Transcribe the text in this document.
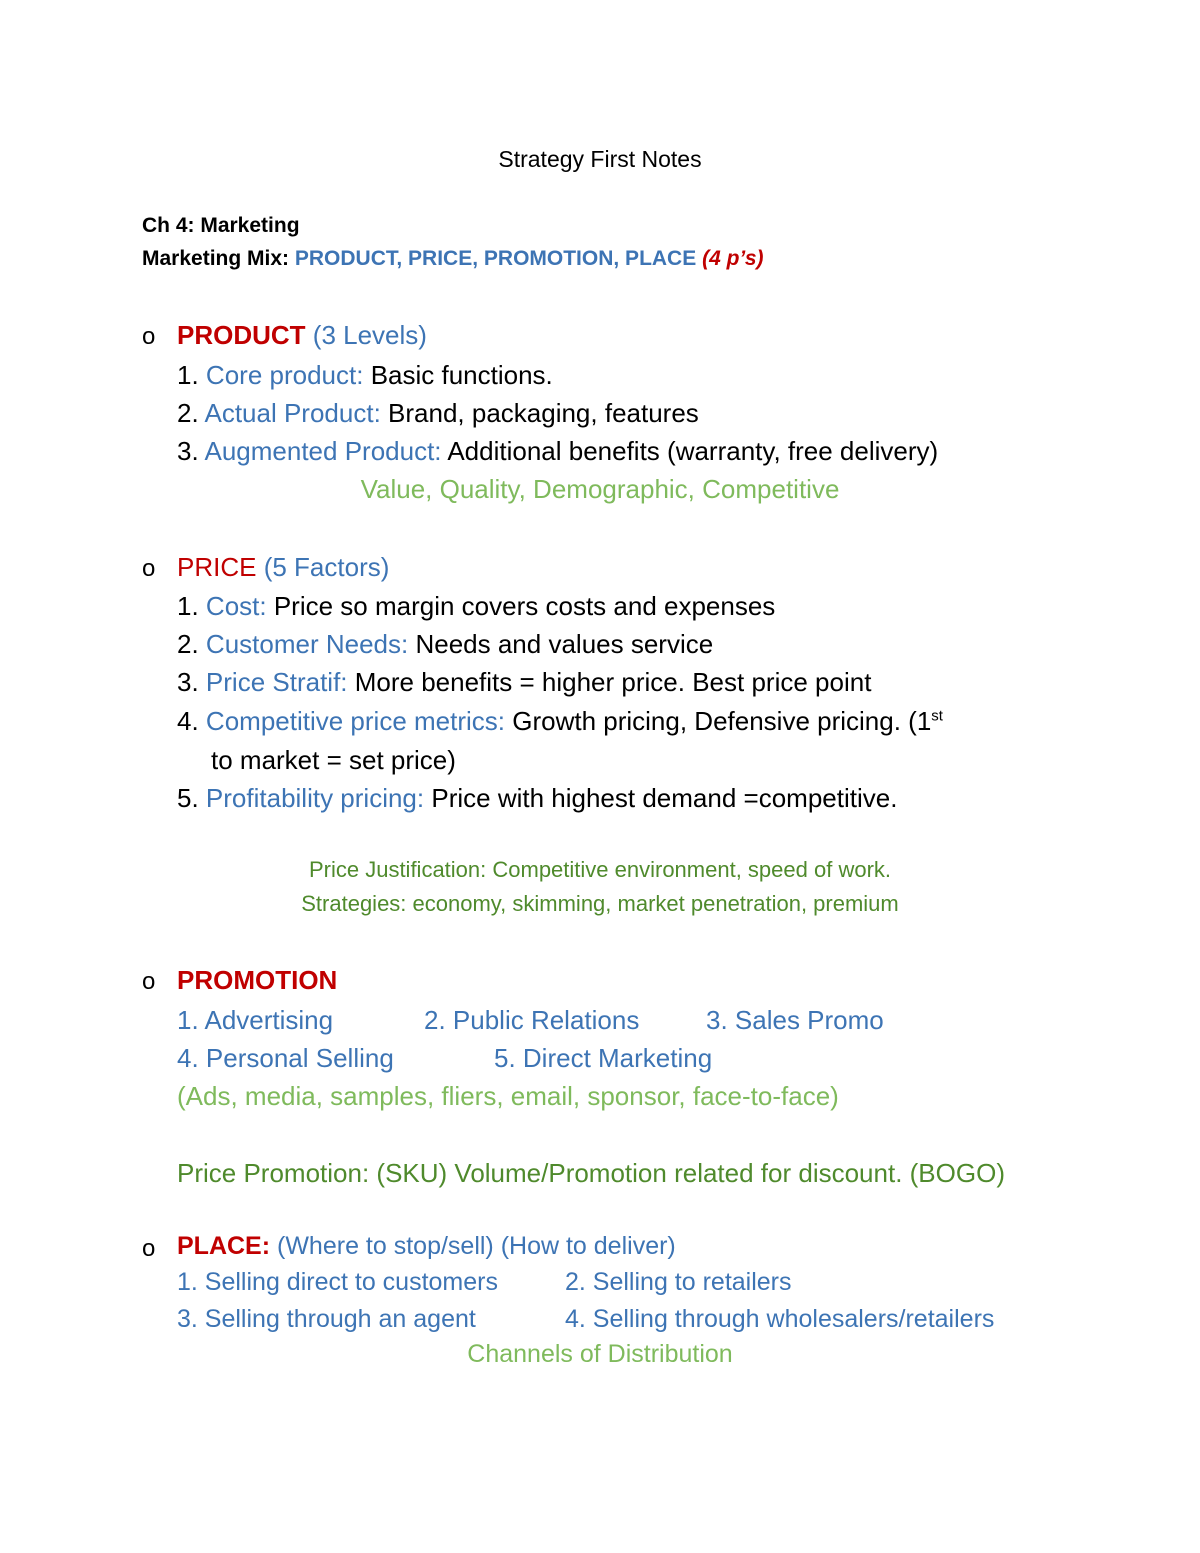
Strategy First Notes
Ch 4: Marketing
Marketing Mix: PRODUCT, PRICE, PROMOTION, PLACE (4 p’s)
o PRODUCT (3 Levels)
1. Core product: Basic functions.
2. Actual Product: Brand, packaging, features
3. Augmented Product: Additional benefits (warranty, free delivery)
Value, Quality, Demographic, Competitive
o PRICE (5 Factors)
1. Cost: Price so margin covers costs and expenses
2. Customer Needs: Needs and values service
3. Price Stratif: More benefits = higher price. Best price point
4. Competitive price metrics: Growth pricing, Defensive pricing. (1st
to market = set price)
5. Profitability pricing: Price with highest demand =competitive.
Price Justification: Competitive environment, speed of work.
Strategies: economy, skimming, market penetration, premium
o PROMOTION
1. Advertising	2. Public Relations	3. Sales Promo
4. Personal Selling	5. Direct Marketing
(Ads, media, samples, fliers, email, sponsor, face-to-face)
Price Promotion: (SKU) Volume/Promotion related for discount. (BOGO)
o PLACE: (Where to stop/sell) (How to deliver)
1. Selling direct to customers	2. Selling to retailers
3. Selling through an agent	4. Selling through wholesalers/retailers
Channels of Distribution
